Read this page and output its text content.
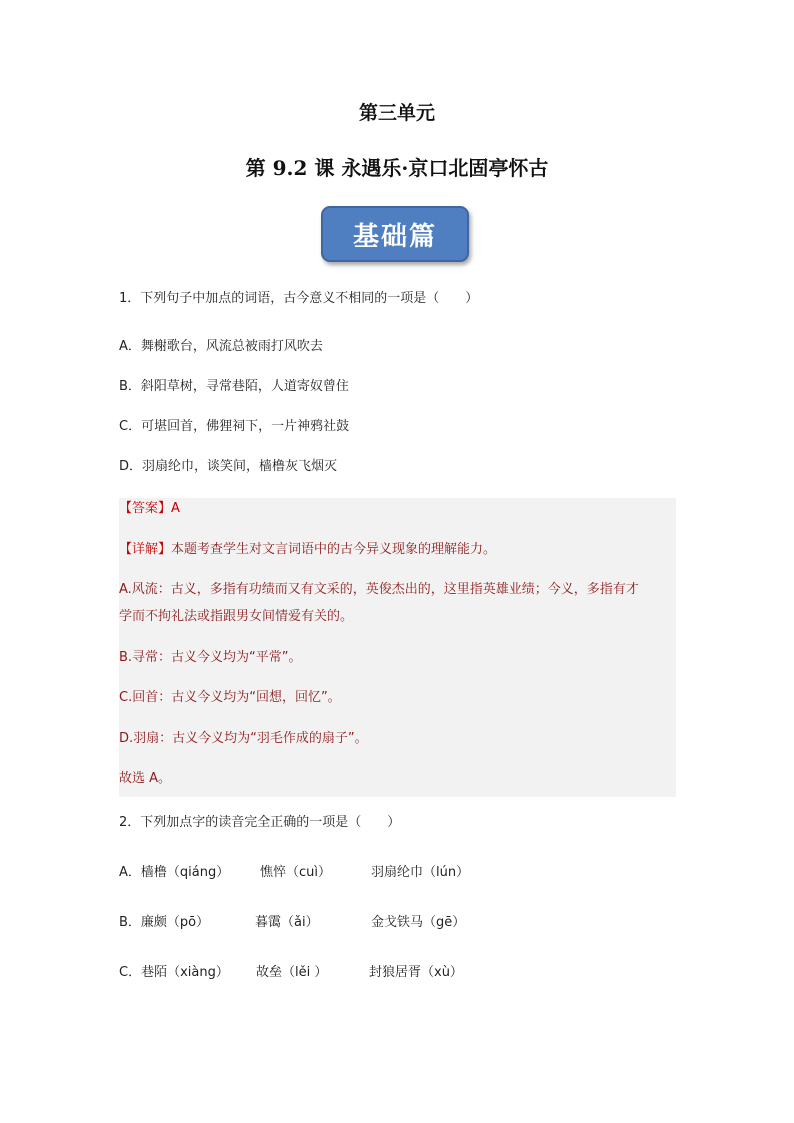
第三单元
第 9.2 课 永遇乐·京口北固亭怀古
基础篇
1．下列句子中加点的词语，古今意义不相同的一项是（　　）
A．舞榭歌台，风流总被雨打风吹去
B．斜阳草树，寻常巷陌，人道寄奴曾住
C．可堪回首，佛狸祠下，一片神鸦社鼓
D．羽扇纶巾，谈笑间，樯橹灰飞烟灭
【答案】A
【详解】本题考查学生对文言词语中的古今异义现象的理解能力。
A.风流：古义，多指有功绩而又有文采的，英俊杰出的，这里指英雄业绩；今义，多指有才
学而不拘礼法或指跟男女间情爱有关的。
B.寻常：古义今义均为“平常”。
C.回首：古义今义均为“回想，回忆”。
D.羽扇：古义今义均为“羽毛作成的扇子”。
故选 A。
2．下列加点字的读音完全正确的一项是（　　）
A．樯橹（qiáng） 憔悴（cuì）	羽扇纶巾（lún）
B．廉颇（pō）	暮霭（ǎi）	金戈铁马（gē）
C．巷陌（xiàng） 故垒（lěi ）	封狼居胥（xù）
